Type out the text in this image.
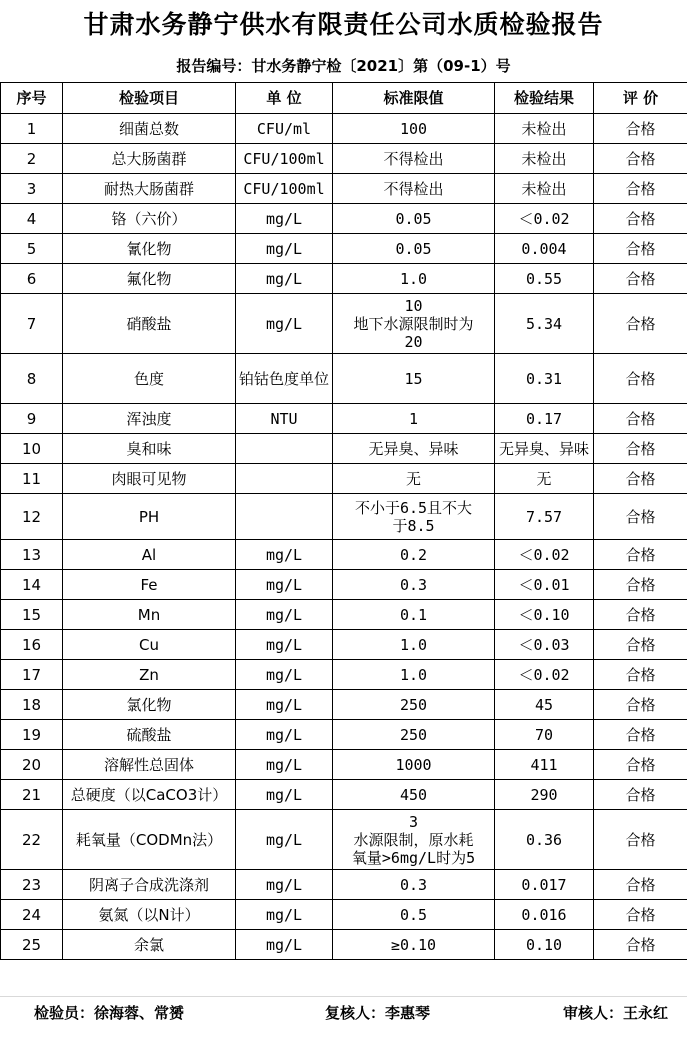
甘肃水务静宁供水有限责任公司水质检验报告
报告编号：甘水务静宁检〔2021〕第（09-1）号
序号	检验项目	单 位	标准限值	检验结果	评 价
1	细菌总数	CFU/ml	100	未检出	合格
2	总大肠菌群	CFU/100ml	不得检出	未检出	合格
3	耐热大肠菌群	CFU/100ml	不得检出	未检出	合格
4	铬（六价）	mg/L	0.05	＜0.02	合格
5	氰化物	mg/L	0.05	0.004	合格
6	氟化物	mg/L	1.0	0.55	合格
7	硝酸盐	mg/L	10
地下水源限制时为
20	5.34	合格
8	色度	铂钴色度单位	15	0.31	合格
9	浑浊度	NTU	1	0.17	合格
10	臭和味		无异臭、异味	无异臭、异味	合格
11	肉眼可见物		无	无	合格
12	PH		不小于6.5且不大
于8.5	7.57	合格
13	Al	mg/L	0.2	＜0.02	合格
14	Fe	mg/L	0.3	＜0.01	合格
15	Mn	mg/L	0.1	＜0.10	合格
16	Cu	mg/L	1.0	＜0.03	合格
17	Zn	mg/L	1.0	＜0.02	合格
18	氯化物	mg/L	250	45	合格
19	硫酸盐	mg/L	250	70	合格
20	溶解性总固体	mg/L	1000	411	合格
21	总硬度（以CaCO3计）	mg/L	450	290	合格
22	耗氧量（CODMn法）	mg/L	3
水源限制，原水耗
氧量>6mg/L时为5	0.36	合格
23	阴离子合成洗涤剂	mg/L	0.3	0.017	合格
24	氨氮（以N计）	mg/L	0.5	0.016	合格
25	余氯	mg/L	≥0.10	0.10	合格
检验员：徐海蓉、常赟	复核人：李惠琴	审核人：王永红
